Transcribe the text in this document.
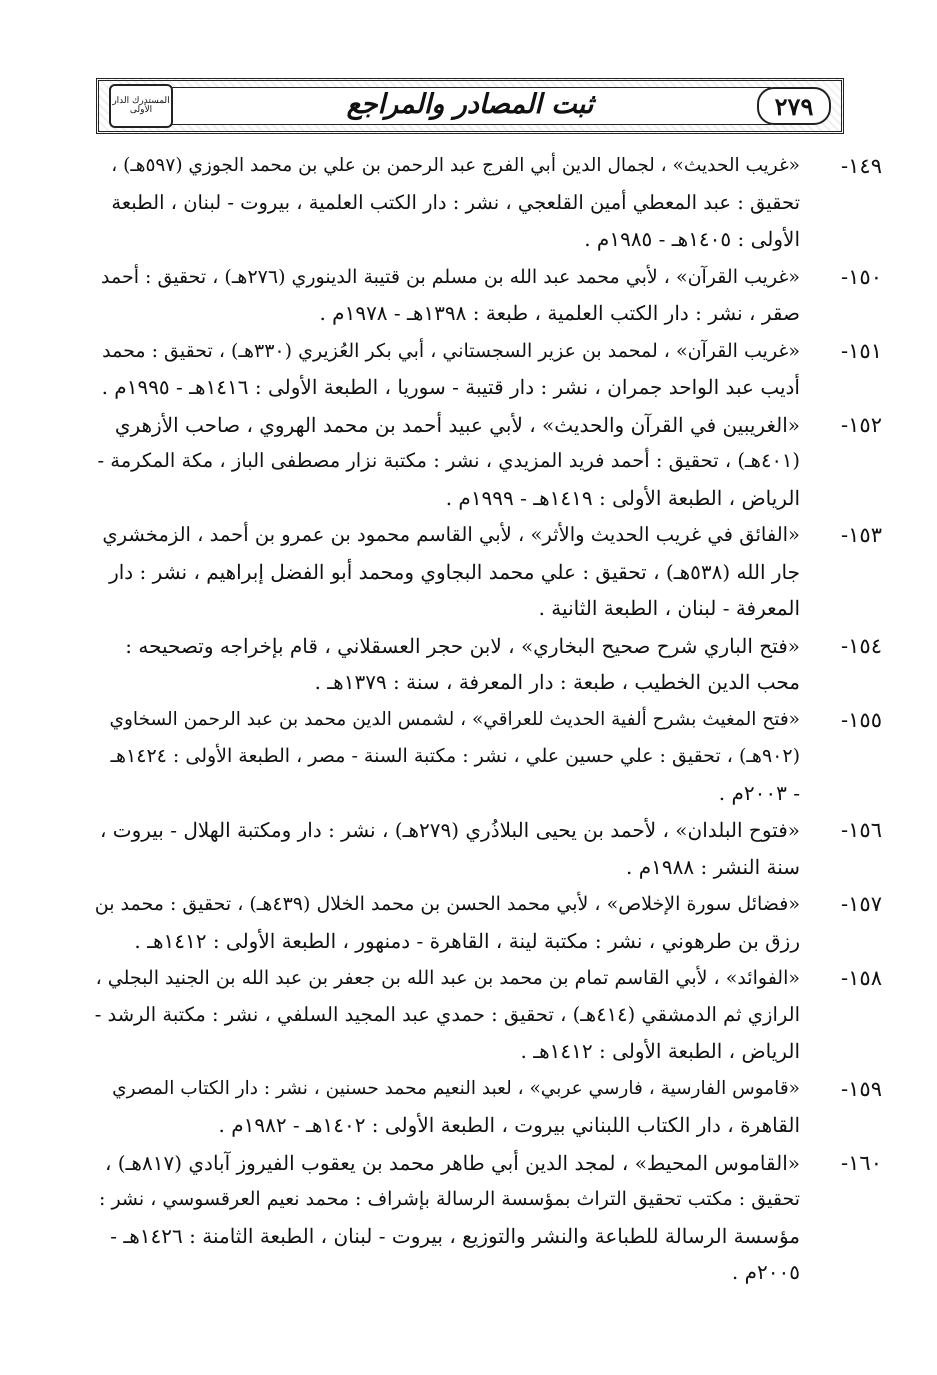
المستدرك الدار الأولى	ثبت المصادر والمراجع	٢٧٩
١٤٩-
«غريب الحديث» ، لجمال الدين أبي الفرج عبد الرحمن بن علي بن محمد الجوزي (٥٩٧هـ) ،
تحقيق : عبد المعطي أمين القلعجي ، نشر : دار الكتب العلمية ، بيروت - لبنان ، الطبعة
الأولى : ١٤٠٥هـ - ١٩٨٥م .
١٥٠-
«غريب القرآن» ، لأبي محمد عبد الله بن مسلم بن قتيبة الدينوري (٢٧٦هـ) ، تحقيق : أحمد
صقر ، نشر : دار الكتب العلمية ، طبعة : ١٣٩٨هـ - ١٩٧٨م .
١٥١-
«غريب القرآن» ، لمحمد بن عزير السجستاني ، أبي بكر العُزيري (٣٣٠هـ) ، تحقيق : محمد
أديب عبد الواحد جمران ، نشر : دار قتيبة - سوريا ، الطبعة الأولى : ١٤١٦هـ - ١٩٩٥م .
١٥٢-
«الغريبين في القرآن والحديث» ، لأبي عبيد أحمد بن محمد الهروي ، صاحب الأزهري
(٤٠١هـ) ، تحقيق : أحمد فريد المزيدي ، نشر : مكتبة نزار مصطفى الباز ، مكة المكرمة -
الرياض ، الطبعة الأولى : ١٤١٩هـ - ١٩٩٩م .
١٥٣-
«الفائق في غريب الحديث والأثر» ، لأبي القاسم محمود بن عمرو بن أحمد ، الزمخشري
جار الله (٥٣٨هـ) ، تحقيق : علي محمد البجاوي ومحمد أبو الفضل إبراهيم ، نشر : دار
المعرفة - لبنان ، الطبعة الثانية .
١٥٤-
«فتح الباري شرح صحيح البخاري» ، لابن حجر العسقلاني ، قام بإخراجه وتصحيحه :
محب الدين الخطيب ، طبعة : دار المعرفة ، سنة : ١٣٧٩هـ .
١٥٥-
«فتح المغيث بشرح ألفية الحديث للعراقي» ، لشمس الدين محمد بن عبد الرحمن السخاوي
(٩٠٢هـ) ، تحقيق : علي حسين علي ، نشر : مكتبة السنة - مصر ، الطبعة الأولى : ١٤٢٤هـ
- ٢٠٠٣م .
١٥٦-
«فتوح البلدان» ، لأحمد بن يحيى البلاذُري (٢٧٩هـ) ، نشر : دار ومكتبة الهلال - بيروت ،
سنة النشر : ١٩٨٨م .
١٥٧-
«فضائل سورة الإخلاص» ، لأبي محمد الحسن بن محمد الخلال (٤٣٩هـ) ، تحقيق : محمد بن
رزق بن طرهوني ، نشر : مكتبة لينة ، القاهرة - دمنهور ، الطبعة الأولى : ١٤١٢هـ .
١٥٨-
«الفوائد» ، لأبي القاسم تمام بن محمد بن عبد الله بن جعفر بن عبد الله بن الجنيد البجلي ،
الرازي ثم الدمشقي (٤١٤هـ) ، تحقيق : حمدي عبد المجيد السلفي ، نشر : مكتبة الرشد -
الرياض ، الطبعة الأولى : ١٤١٢هـ .
١٥٩-
«قاموس الفارسية ، فارسي عربي» ، لعبد النعيم محمد حسنين ، نشر : دار الكتاب المصري
القاهرة ، دار الكتاب اللبناني بيروت ، الطبعة الأولى : ١٤٠٢هـ - ١٩٨٢م .
١٦٠-
«القاموس المحيط» ، لمجد الدين أبي طاهر محمد بن يعقوب الفيروز آبادي (٨١٧هـ) ،
تحقيق : مكتب تحقيق التراث بمؤسسة الرسالة بإشراف : محمد نعيم العرقسوسي ، نشر :
مؤسسة الرسالة للطباعة والنشر والتوزيع ، بيروت - لبنان ، الطبعة الثامنة : ١٤٢٦هـ -
٢٠٠٥م .
